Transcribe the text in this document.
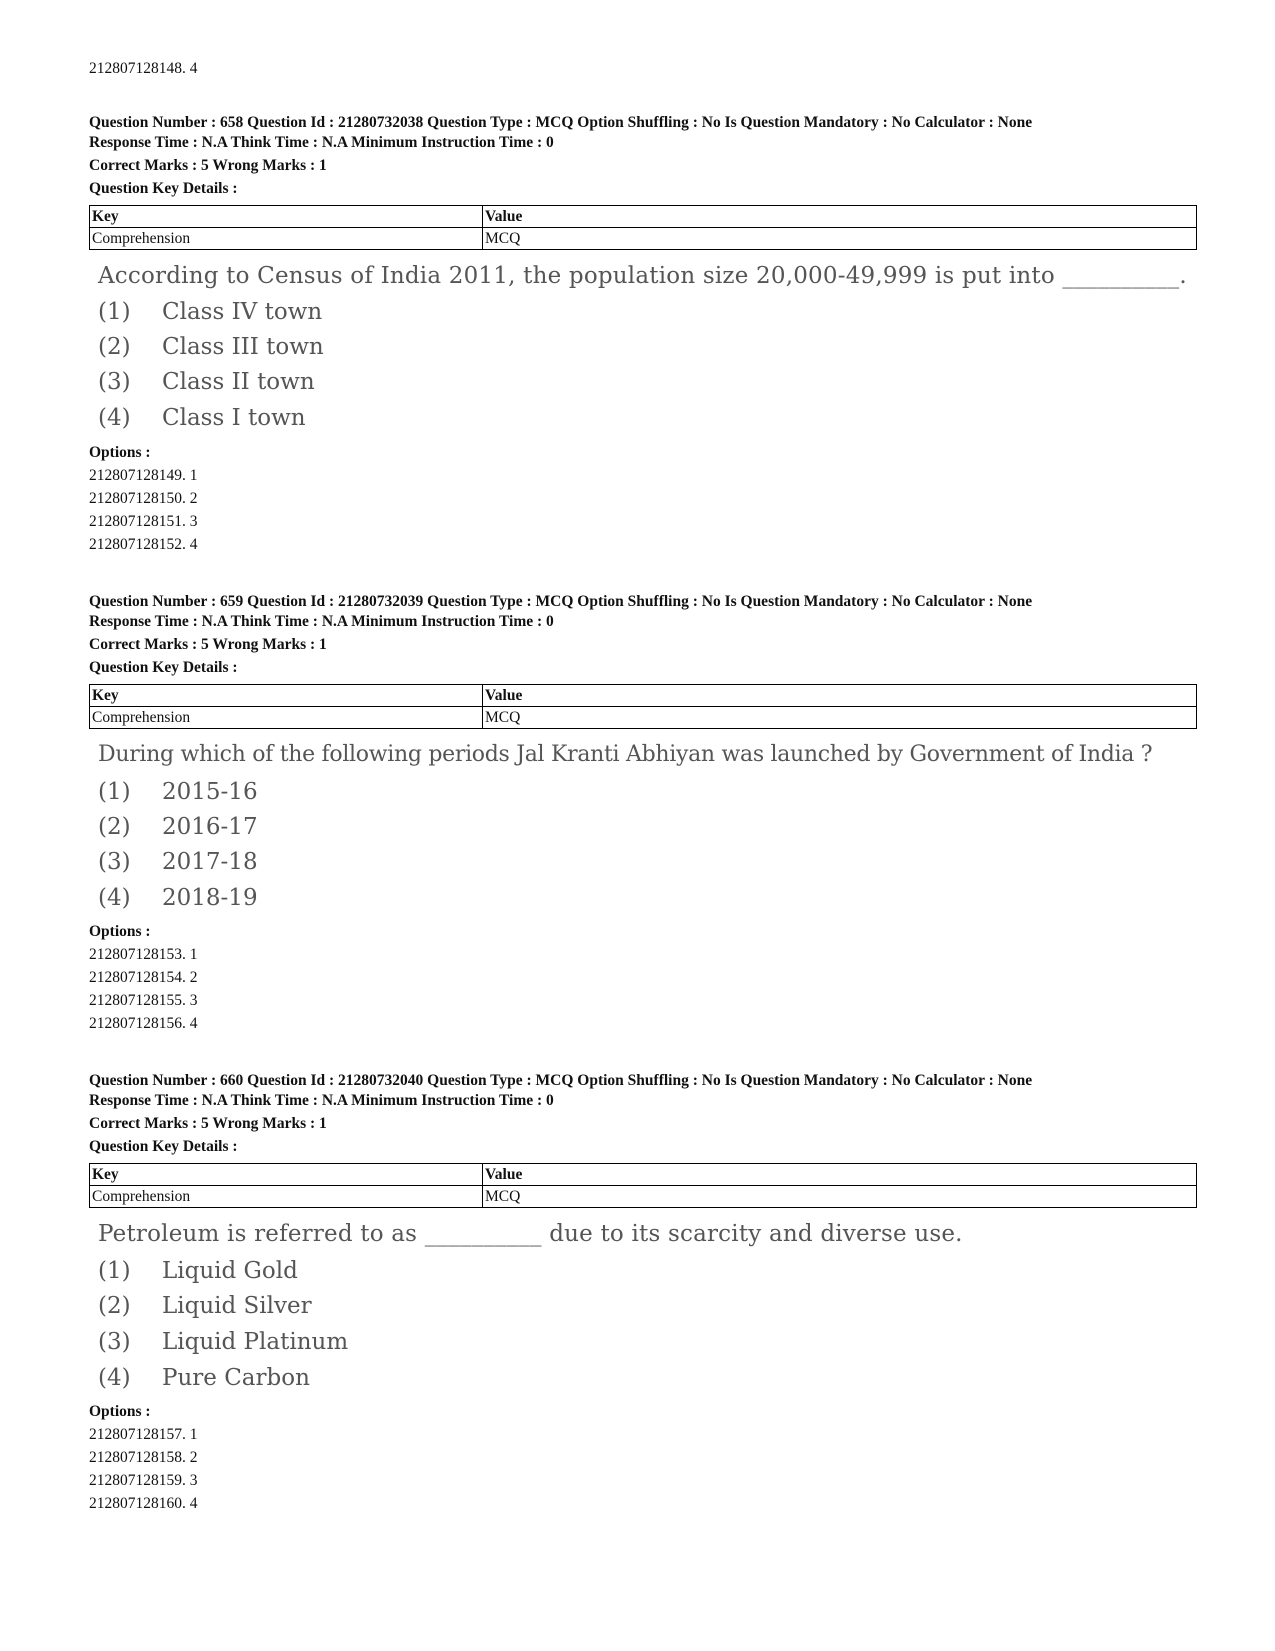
212807128148. 4
Question Number : 658 Question Id : 21280732038 Question Type : MCQ Option Shuffling : No Is Question Mandatory : No Calculator : None
Response Time : N.A Think Time : N.A Minimum Instruction Time : 0
Correct Marks : 5 Wrong Marks : 1
Question Key Details :
Key	Value
Comprehension	MCQ
According to Census of India 2011, the population size 20,000-49,999 is put into __________.
(1) Class IV town
(2) Class III town
(3) Class II town
(4) Class I town
Options :
212807128149. 1
212807128150. 2
212807128151. 3
212807128152. 4
Question Number : 659 Question Id : 21280732039 Question Type : MCQ Option Shuffling : No Is Question Mandatory : No Calculator : None
Response Time : N.A Think Time : N.A Minimum Instruction Time : 0
Correct Marks : 5 Wrong Marks : 1
Question Key Details :
Key	Value
Comprehension	MCQ
During which of the following periods Jal Kranti Abhiyan was launched by Government of India ?
(1) 2015-16
(2) 2016-17
(3) 2017-18
(4) 2018-19
Options :
212807128153. 1
212807128154. 2
212807128155. 3
212807128156. 4
Question Number : 660 Question Id : 21280732040 Question Type : MCQ Option Shuffling : No Is Question Mandatory : No Calculator : None
Response Time : N.A Think Time : N.A Minimum Instruction Time : 0
Correct Marks : 5 Wrong Marks : 1
Question Key Details :
Key	Value
Comprehension	MCQ
Petroleum is referred to as __________ due to its scarcity and diverse use.
(1) Liquid Gold
(2) Liquid Silver
(3) Liquid Platinum
(4) Pure Carbon
Options :
212807128157. 1
212807128158. 2
212807128159. 3
212807128160. 4
